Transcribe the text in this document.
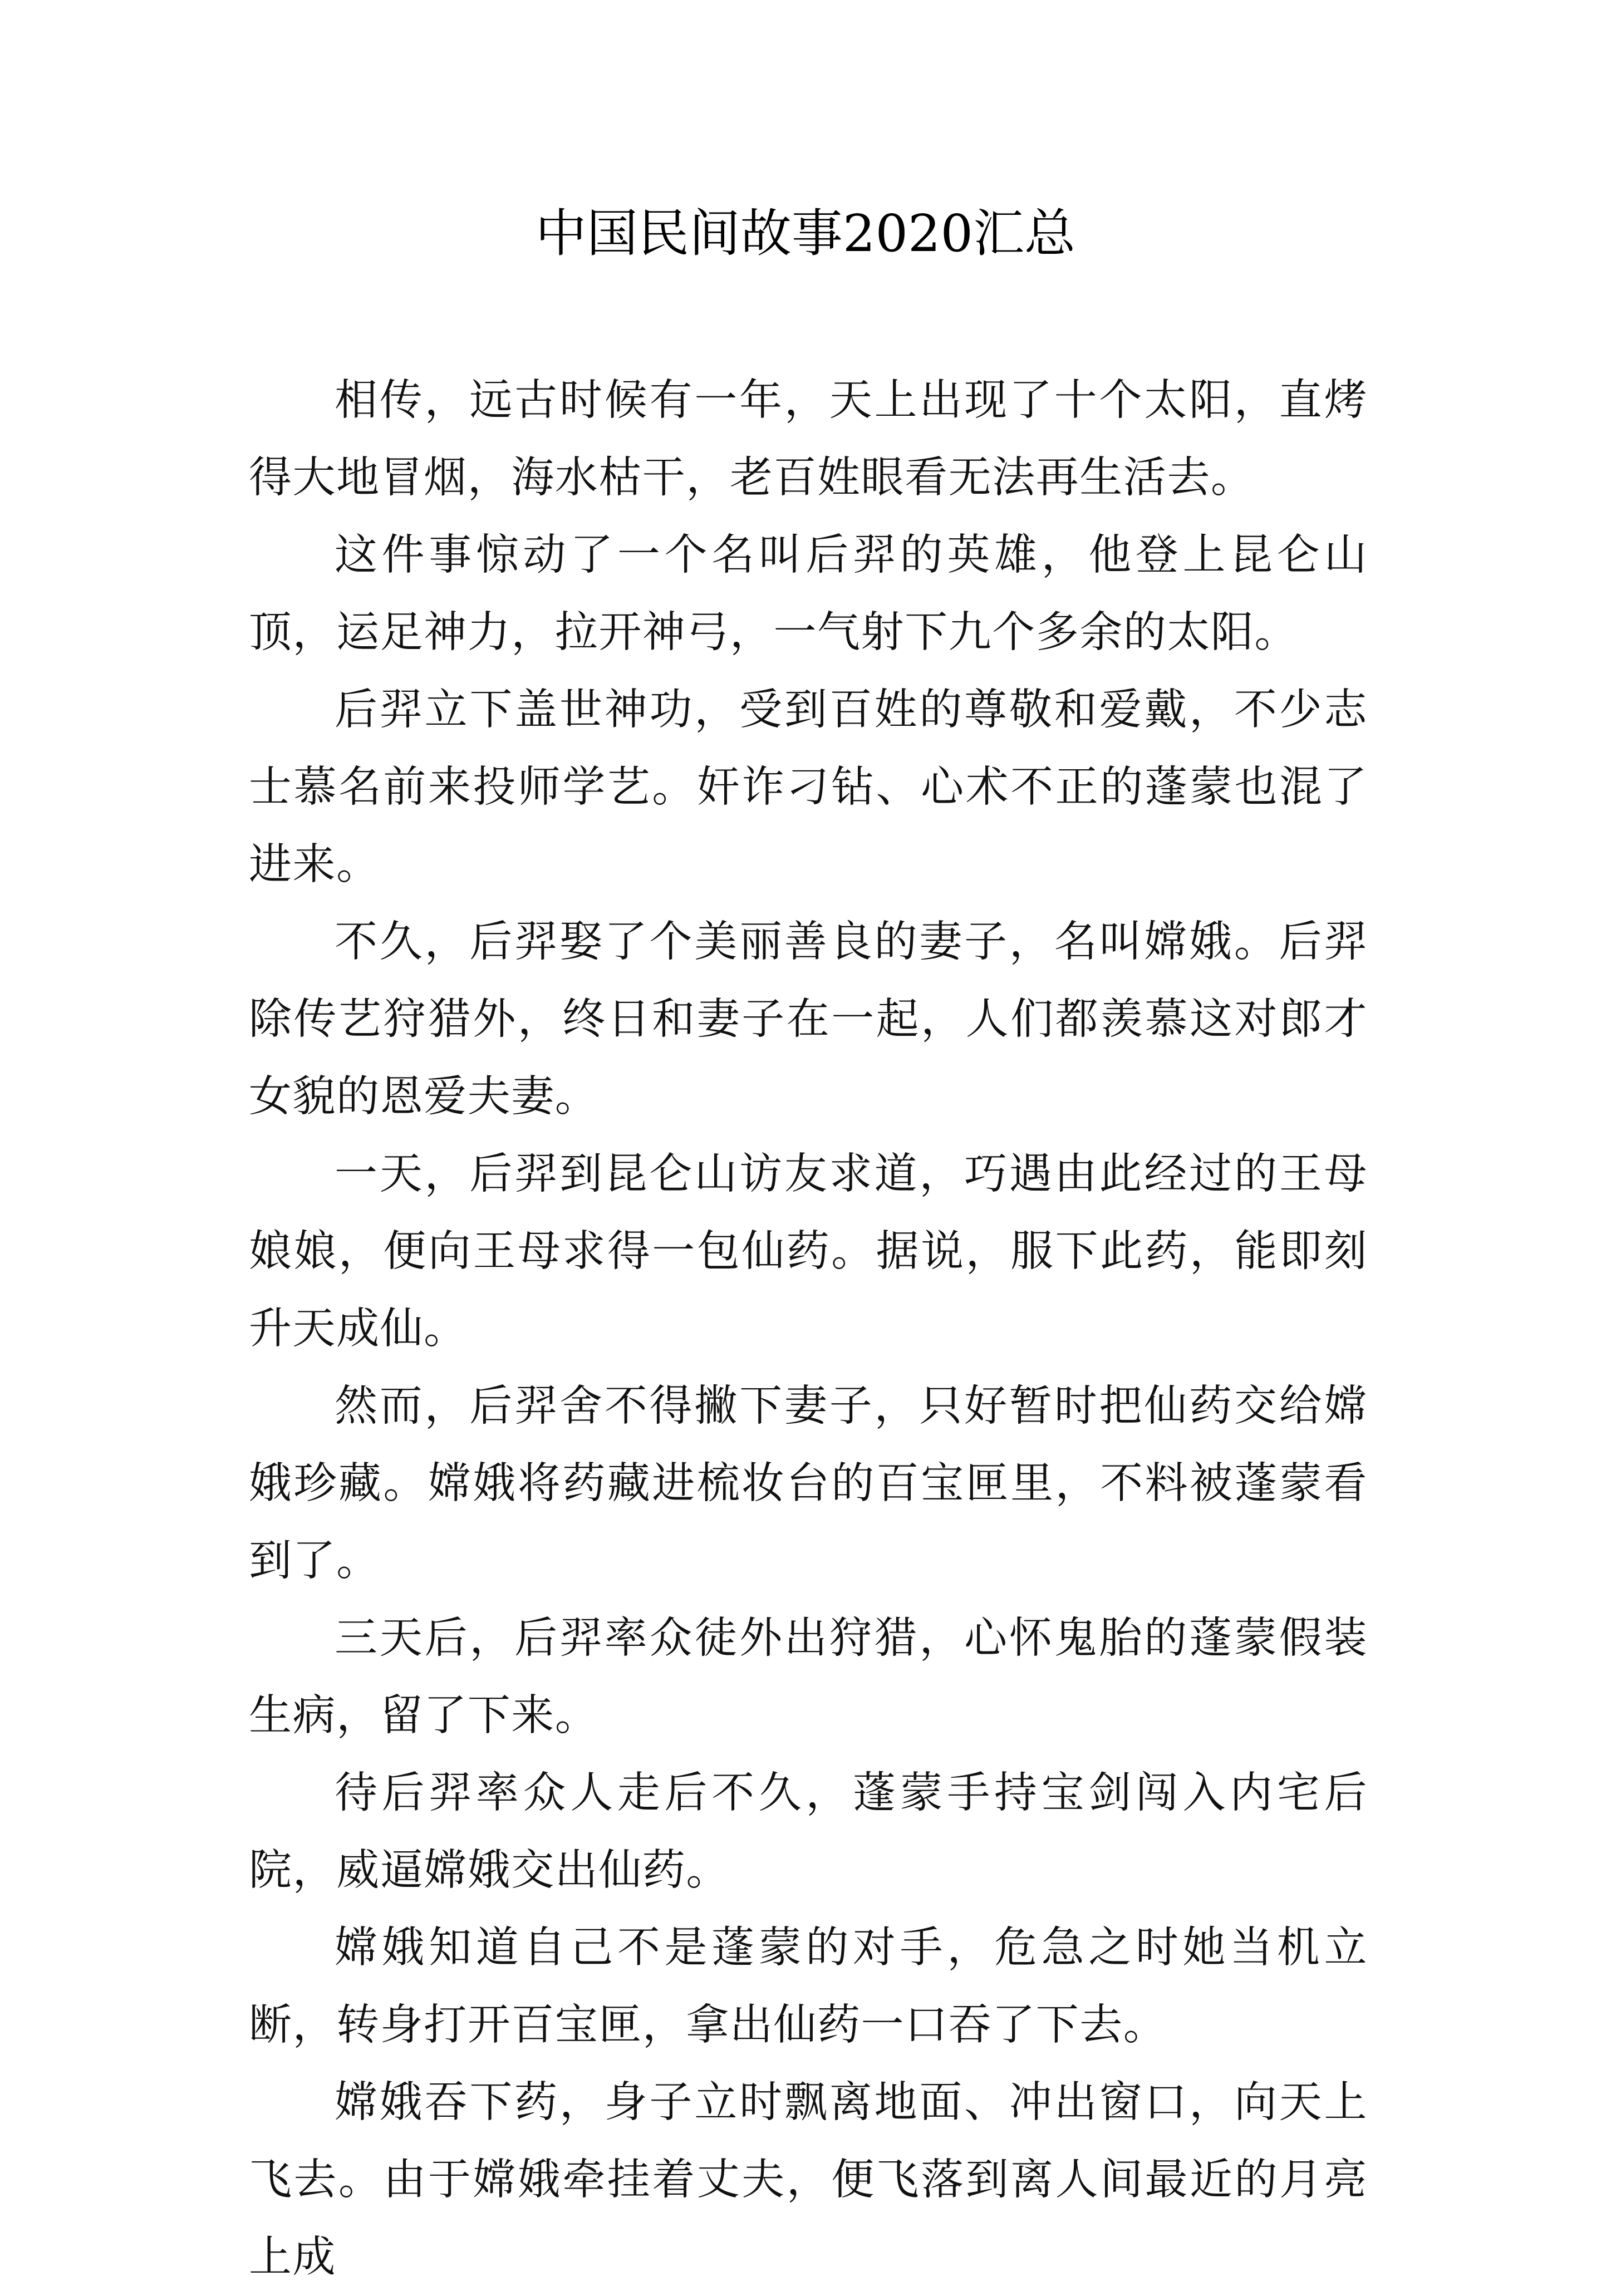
中国民间故事2020汇总

相传，远古时候有一年，天上出现了十个太阳，直烤得大地冒烟，海水枯干，老百姓眼看无法再生活去。

这件事惊动了一个名叫后羿的英雄，他登上昆仑山顶，运足神力，拉开神弓，一气射下九个多余的太阳。

后羿立下盖世神功，受到百姓的尊敬和爱戴，不少志士慕名前来投师学艺。奸诈刁钻、心术不正的蓬蒙也混了进来。

不久，后羿娶了个美丽善良的妻子，名叫嫦娥。后羿除传艺狩猎外，终日和妻子在一起，人们都羡慕这对郎才女貌的恩爱夫妻。

一天，后羿到昆仑山访友求道，巧遇由此经过的王母娘娘，便向王母求得一包仙药。据说，服下此药，能即刻升天成仙。

然而，后羿舍不得撇下妻子，只好暂时把仙药交给嫦娥珍藏。嫦娥将药藏进梳妆台的百宝匣里，不料被蓬蒙看到了。

三天后，后羿率众徒外出狩猎，心怀鬼胎的蓬蒙假装生病，留了下来。

待后羿率众人走后不久，蓬蒙手持宝剑闯入内宅后院，威逼嫦娥交出仙药。

嫦娥知道自己不是蓬蒙的对手，危急之时她当机立断，转身打开百宝匣，拿出仙药一口吞了下去。

嫦娥吞下药，身子立时飘离地面、冲出窗口，向天上飞去。由于嫦娥牵挂着丈夫，便飞落到离人间最近的月亮上成
